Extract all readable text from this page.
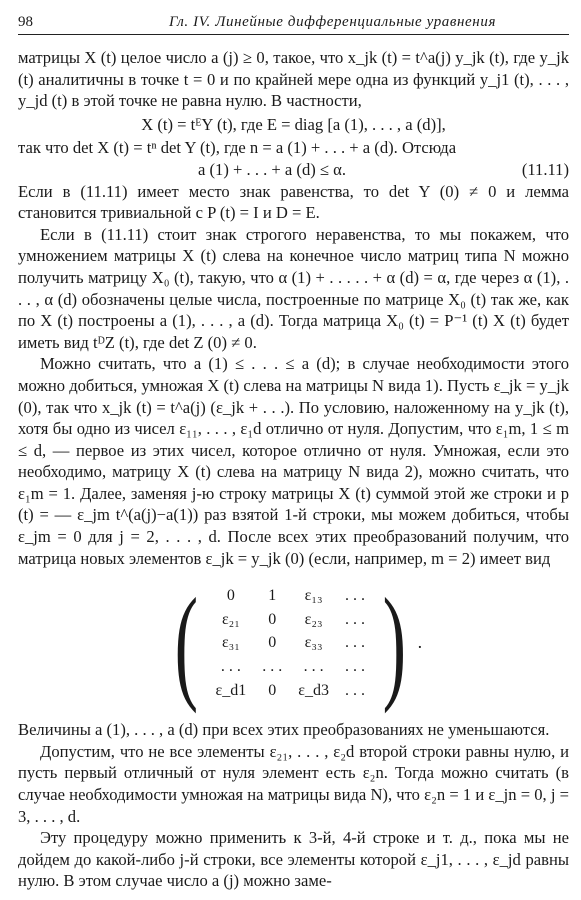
98	Гл. IV. Линейные дифференциальные уравнения

матрицы X (t) целое число a (j) ≥ 0, такое, что x_jk (t) = t^a(j) y_jk (t), где y_jk (t) аналитичны в точке t = 0 и по крайней мере одна из функций y_j1 (t), . . . , y_jd (t) в этой точке не равна нулю. В частности,

X (t) = tᴱY (t), где E = diag [a (1), . . . , a (d)],

так что det X (t) = tⁿ det Y (t), где n = a (1) + . . . + a (d). Отсюда

a (1) + . . . + a (d) ≤ α.	(11.11)

Если в (11.11) имеет место знак равенства, то det Y (0) ≠ 0 и лемма становится тривиальной с P (t) = I и D = E.

Если в (11.11) стоит знак строгого неравенства, то мы покажем, что умножением матрицы X (t) слева на конечное число матриц типа N можно получить матрицу X₀ (t), такую, что α (1) + . . . . . + α (d) = α, где через α (1), . . . , α (d) обозначены целые числа, построенные по матрице X₀ (t) так же, как по X (t) построены a (1), . . . , a (d). Тогда матрица X₀ (t) = P⁻¹ (t) X (t) будет иметь вид tᴰZ (t), где det Z (0) ≠ 0.

Можно считать, что a (1) ≤ . . . ≤ a (d); в случае необходимости этого можно добиться, умножая X (t) слева на матрицы N вида 1). Пусть ε_jk = y_jk (0), так что x_jk (t) = t^a(j) (ε_jk + . . .). По условию, наложенному на y_jk (t), хотя бы одно из чисел ε₁₁, . . . , ε₁d отлично от нуля. Допустим, что ε₁m, 1 ≤ m ≤ d, — первое из этих чисел, которое отлично от нуля. Умножая, если это необходимо, матрицу X (t) слева на матрицу N вида 2), можно считать, что ε₁m = 1. Далее, заменяя j-ю строку матрицы X (t) суммой этой же строки и p (t) = — ε_jm t^(a(j)−a(1)) раз взятой 1-й строки, мы можем добиться, чтобы ε_jm = 0 для j = 2, . . . , d. После всех этих преобразований получим, что матрица новых элементов ε_jk = y_jk (0) (если, например, m = 2) имеет вид

( 0	1	ε₁₃	. . .
ε₂₁	0	ε₂₃	. . .
ε₃₁	0	ε₃₃	. . .
. . .	. . .	. . .	. . .
ε_d1	0	ε_d3	. . . ) .

Величины a (1), . . . , a (d) при всех этих преобразованиях не уменьшаются.

Допустим, что не все элементы ε₂₁, . . . , ε₂d второй строки равны нулю, и пусть первый отличный от нуля элемент есть ε₂n. Тогда можно считать (в случае необходимости умножая на матрицы вида N), что ε₂n = 1 и ε_jn = 0, j = 3, . . . , d.

Эту процедуру можно применить к 3-й, 4-й строке и т. д., пока мы не дойдем до какой-либо j-й строки, все элементы которой ε_j1, . . . , ε_jd равны нулю. В этом случае число a (j) можно заме-
